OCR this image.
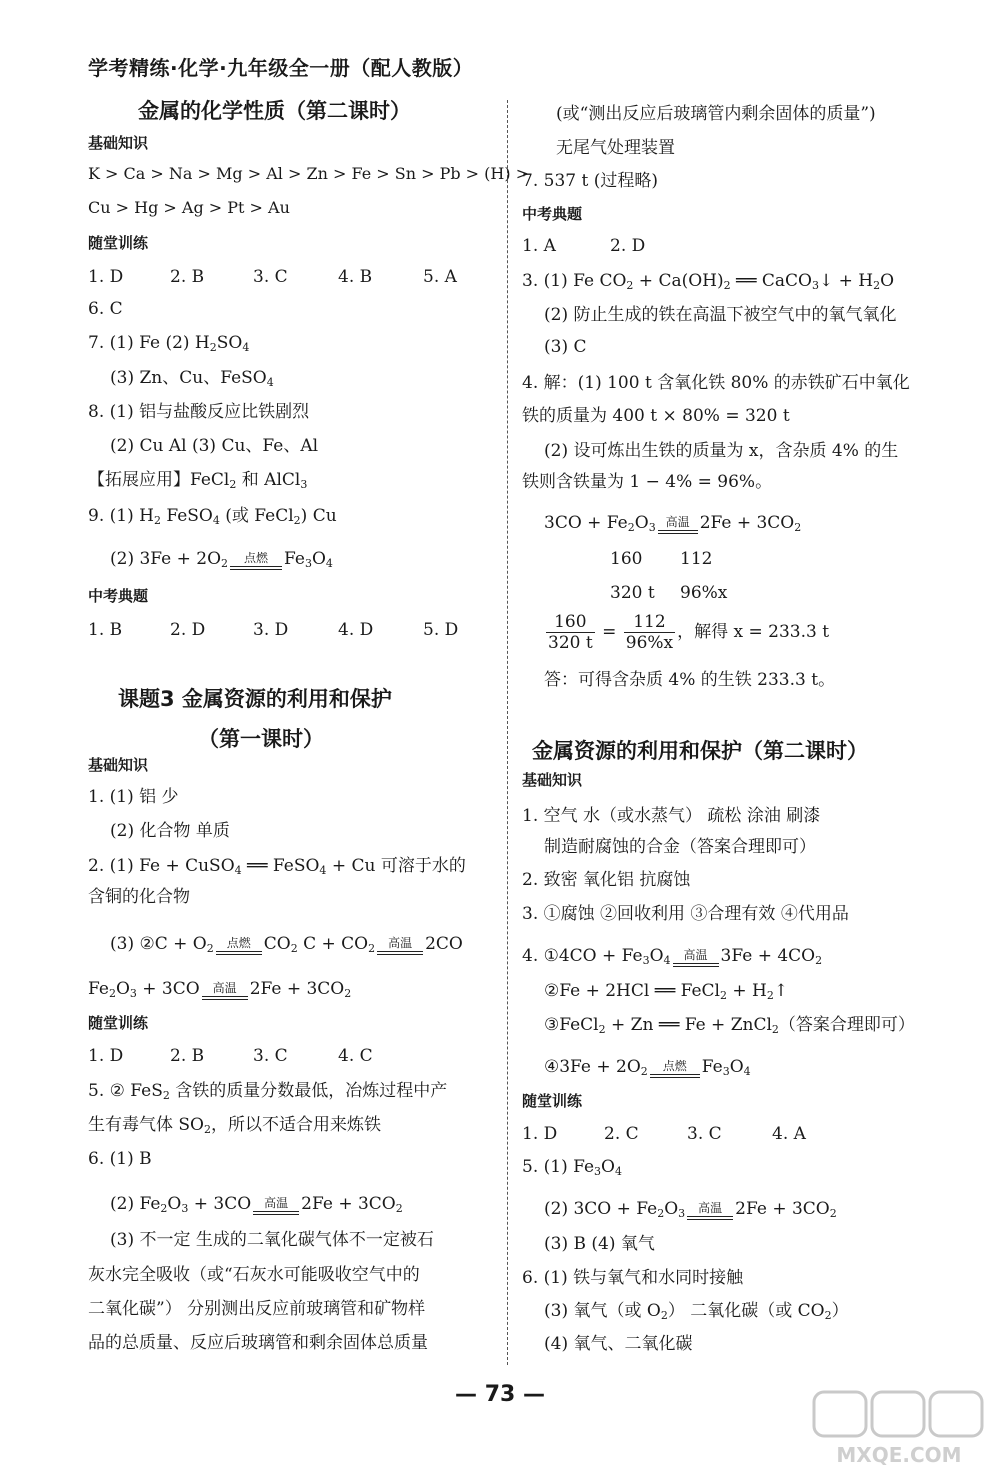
学考精练·化学·九年级全一册（配人教版）
金属的化学性质（第二课时）
基础知识
K > Ca > Na > Mg > Al > Zn > Fe > Sn > Pb > (H) >
Cu > Hg > Ag > Pt > Au
随堂训练
1. D	2. B	3. C	4. B	5. A
6. C
7. (1) Fe (2) $H_2SO_4$
(3) Zn、Cu、FeSO$_4$
8. (1) 铝与盐酸反应比铁剧烈
(2) Cu Al (3) Cu、Fe、Al
【拓展应用】FeCl$_2$ 和 AlCl$_3$
9. (1) $H_2$ FeSO$_4$ (或 FeCl$_2$) Cu
(2) $3Fe + 2O_2$	点燃 $Fe_3O_4$
中考典题
1. B	2. D	3. D	4. D	5. D
课题3 金属资源的利用和保护
（第一课时）
基础知识
1. (1) 铝 少
(2) 化合物 单质
2. (1) Fe + CuSO$_4$ ══ FeSO$_4$ + Cu 可溶于水的
含铜的化合物
(3) ②C + $O_2$	点燃 $CO_2$ $C + CO_2$	高温 2CO
$Fe_2O_3 + 3CO$	高温 $2Fe + 3CO_2$
随堂训练
1. D	2. B	3. C	4. C
5. ② FeS$_2$ 含铁的质量分数最低，冶炼过程中产
生有毒气体 $SO_2$，所以不适合用来炼铁
6. (1) B
(2) $Fe_2O_3 + 3CO$	高温 $2Fe + 3CO_2$
(3) 不一定 生成的二氧化碳气体不一定被石
灰水完全吸收（或“石灰水可能吸收空气中的
二氧化碳”） 分别测出反应前玻璃管和矿物样
品的总质量、反应后玻璃管和剩余固体总质量
(或“测出反应后玻璃管内剩余固体的质量”)
无尾气处理装置
7. 537 t (过程略)
中考典题
1. A	2. D
3. (1) Fe $CO_2 + Ca(OH)_2$ ══ CaCO$_3$↓ + $H_2O$
(2) 防止生成的铁在高温下被空气中的氧气氧化
(3) C
4. 解：(1) 100 t 含氧化铁 80% 的赤铁矿石中氧化
铁的质量为 400 t × 80% = 320 t
(2) 设可炼出生铁的质量为 x，含杂质 4% 的生
铁则含铁量为 1 − 4% = 96%。
$3CO + Fe_2O_3$ 高温 $2Fe + 3CO_2$
160 112
320 t 96%x
$\frac{160}{320 t} = \frac{112}{96\%x}$ ，解得 x = 233.3 t
答：可得含杂质 4% 的生铁 233.3 t。
金属资源的利用和保护（第二课时）
基础知识
1. 空气 水（或水蒸气） 疏松 涂油 刷漆
制造耐腐蚀的合金（答案合理即可）
2. 致密 氧化铝 抗腐蚀
3. ①腐蚀 ②回收利用 ③合理有效 ④代用品
4. ①4CO + $Fe_3O_4$	高温 $3Fe + 4CO_2$
②Fe + 2HCl ══ FeCl$_2$ + $H_2↑$
③FeCl$_2$ + Zn ══ Fe + ZnCl$_2$（答案合理即可）
④3Fe + $2O_2$	点燃 $Fe_3O_4$
随堂训练
1. D	2. C	3. C	4. A
5. (1) $Fe_3O_4$
(2) $3CO + Fe_2O_3$	高温 $2Fe + 3CO_2$
(3) B (4) 氧气
6. (1) 铁与氧气和水同时接触
(3) 氧气（或 $O_2$） 二氧化碳（或 $CO_2$）
(4) 氧气、二氧化碳
— 73 —
MXQE.COM
